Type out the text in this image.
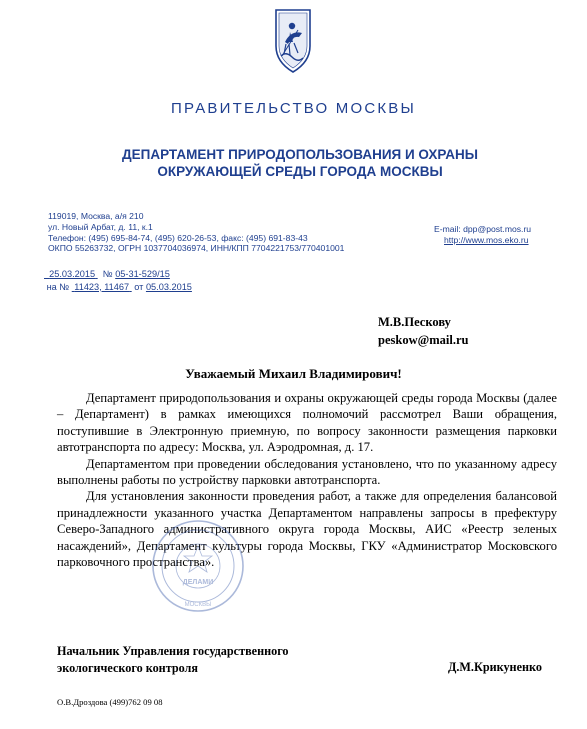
ПРАВИТЕЛЬСТВО МОСКВЫ
ДЕПАРТАМЕНТ ПРИРОДОПОЛЬЗОВАНИЯ И ОХРАНЫ
ОКРУЖАЮЩЕЙ СРЕДЫ ГОРОДА МОСКВЫ
119019, Москва, а/я 210
ул. Новый Арбат, д. 11, к.1
Телефон: (495) 695-84-74, (495) 620-26-53, факс: (495) 691-83-43
ОКПО 55263732, ОГРН 1037704036974, ИНН/КПП 7704221753/770401001
E-mail: dpp@post.mos.ru
http://www.mos.eko.ru
25.03.2015 № 05-31-529/15
на № 11423, 11467 от 05.03.2015
М.В.Пескову
peskow@mail.ru
Уважаемый Михаил Владимирович!

Департамент природопользования и охраны окружающей среды города Москвы (далее – Департамент) в рамках имеющихся полномочий рассмотрел Ваши обращения, поступившие в Электронную приемную, по вопросу законности размещения парковки автотранспорта по адресу: Москва, ул. Аэродромная, д. 17.

Департаментом при проведении обследования установлено, что по указанному адресу выполнены работы по устройству парковки автотранспорта.

Для установления законности проведения работ, а также для определения балансовой принадлежности указанного участка Департаментом направлены запросы в префектуру Северо-Западного административного округа города Москвы, АИС «Реестр зеленых насаждений», Департамент культуры города Москвы, ГКУ «Администратор Московского парковочного пространства».

ДЕЛАМИ
МОСКВЫ
Начальник Управления государственного
экологического контроля	Д.М.Крикуненко
О.В.Дроздова (499)762 09 08
